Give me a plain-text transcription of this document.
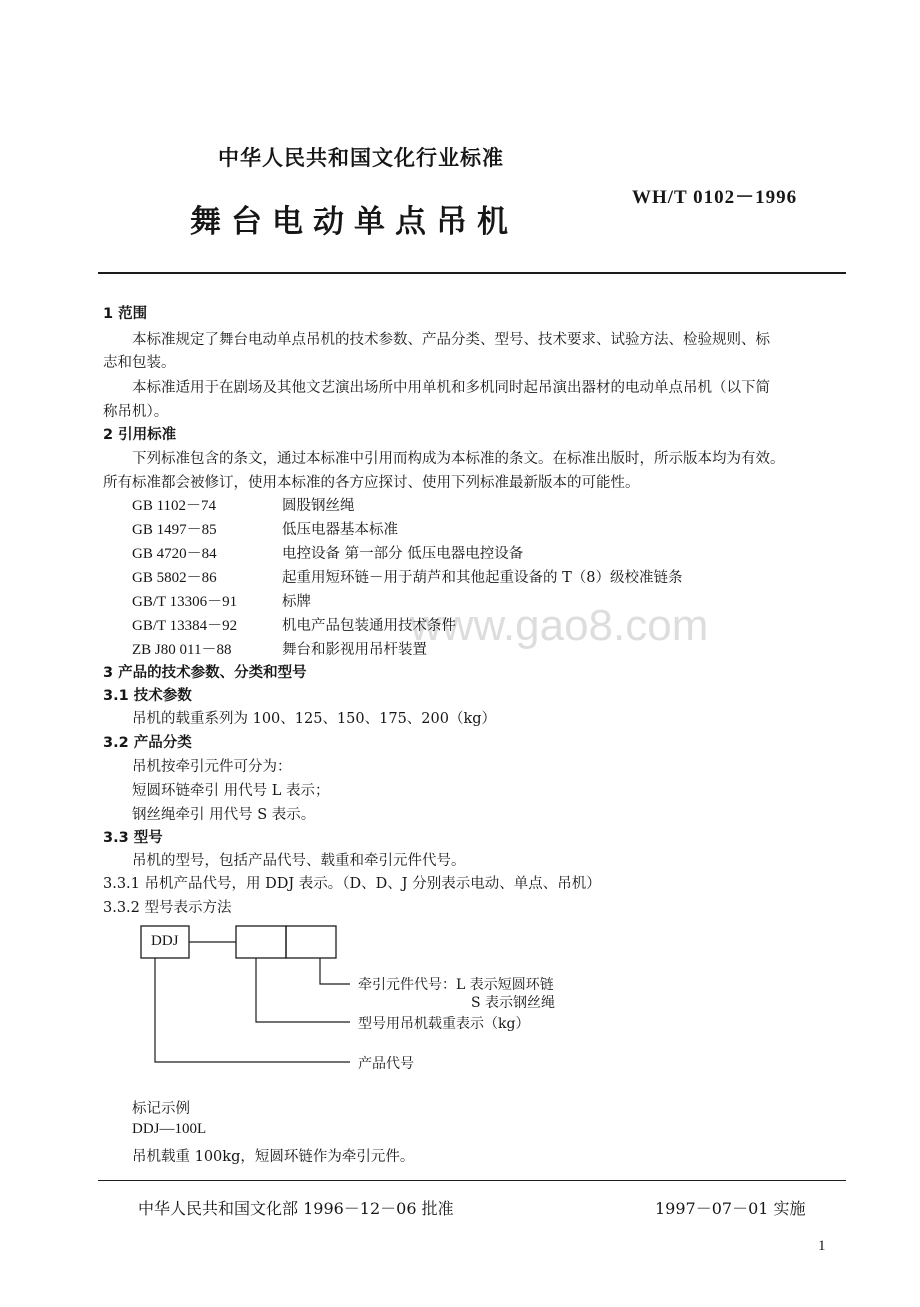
中华人民共和国文化行业标准
WH/T 0102－1996
舞台电动单点吊机
1 范围
本标准规定了舞台电动单点吊机的技术参数、产品分类、型号、技术要求、试验方法、检验规则、标
志和包装。
本标准适用于在剧场及其他文艺演出场所中用单机和多机同时起吊演出器材的电动单点吊机（以下简
称吊机）。
2 引用标准
下列标准包含的条文，通过本标准中引用而构成为本标准的条文。在标准出版时，所示版本均为有效。
所有标准都会被修订，使用本标准的各方应探讨、使用下列标准最新版本的可能性。
GB 1102－74	圆股钢丝绳
GB 1497－85	低压电器基本标准
GB 4720－84	电控设备 第一部分 低压电器电控设备
GB 5802－86	起重用短环链－用于葫芦和其他起重设备的 T（8）级校准链条
GB/T 13306－91	标牌
GB/T 13384－92	机电产品包装通用技术条件
ZB J80 011－88	舞台和影视用吊杆装置
3 产品的技术参数、分类和型号
3.1 技术参数
吊机的载重系列为 100、125、150、175、200（kg）
3.2 产品分类
吊机按牵引元件可分为：
短圆环链牵引 用代号 L 表示；
钢丝绳牵引 用代号 S 表示。
3.3 型号
吊机的型号，包括产品代号、载重和牵引元件代号。
3.3.1 吊机产品代号，用 DDJ 表示。（D、D、J 分别表示电动、单点、吊机）
3.3.2 型号表示方法
DDJ
牵引元件代号：L 表示短圆环链
S 表示钢丝绳
型号用吊机载重表示（kg）
产品代号
标记示例
DDJ—100L
吊机载重 100kg，短圆环链作为牵引元件。
中华人民共和国文化部 1996－12－06 批准	1997－07－01 实施
1
www.gao8.com
